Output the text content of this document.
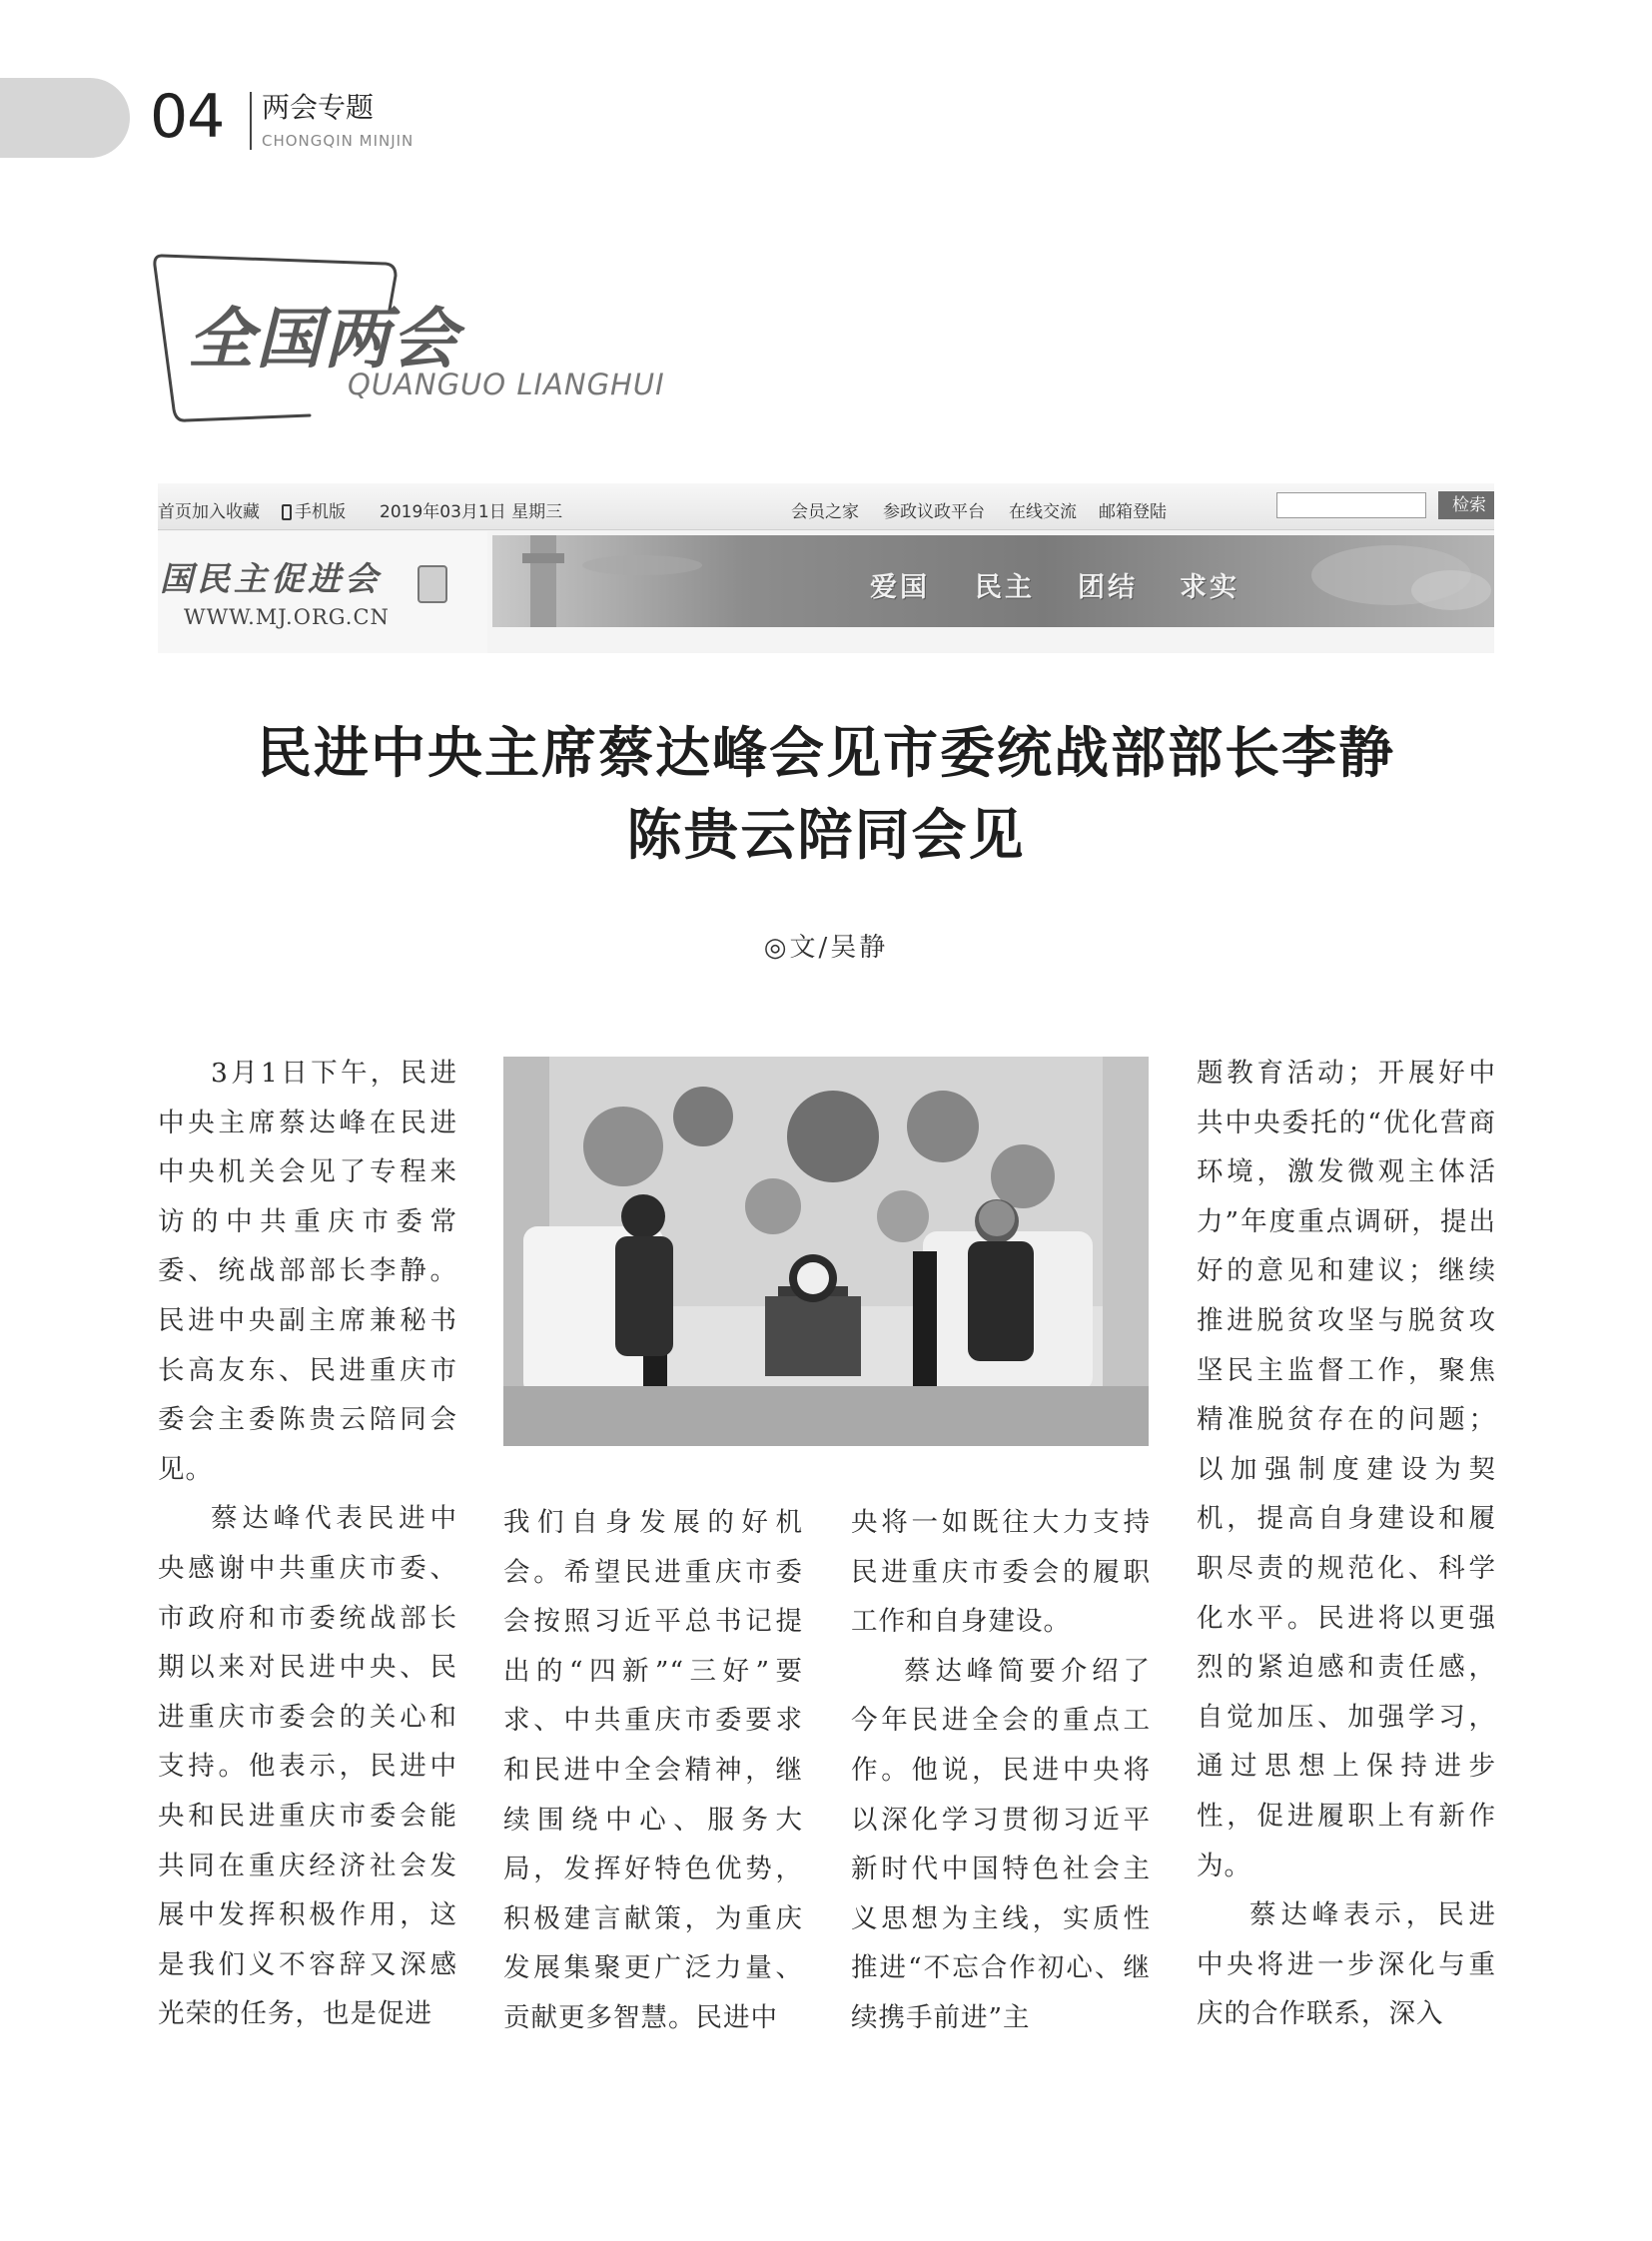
04 两会专题
CHONGQIN MINJIN
全国两会
QUANGUO LIANGHUI
首页 加入收藏	手机版 2019年03月1日 星期三	会员之家 参政议政平台 在线交流 邮箱登陆	检索
国民主促进会
WWW.MJ.ORG.CN
爱国 民主 团结 求实
民进中央主席蔡达峰会见市委统战部部长李静
陈贵云陪同会见
◎文/吴静

3月1日下午，民进中央主席蔡达峰在民进中央机关会见了专程来访的中共重庆市委常委、统战部部长李静。民进中央副主席兼秘书长高友东、民进重庆市委会主委陈贵云陪同会见。

蔡达峰代表民进中央感谢中共重庆市委、市政府和市委统战部长期以来对民进中央、民进重庆市委会的关心和支持。他表示，民进中央和民进重庆市委会能共同在重庆经济社会发展中发挥积极作用，这是我们义不容辞又深感光荣的任务，也是促进

我们自身发展的好机会。希望民进重庆市委会按照习近平总书记提出的“四新”“三好”要求、中共重庆市委要求和民进中全会精神，继续围绕中心、服务大局，发挥好特色优势，积极建言献策，为重庆发展集聚更广泛力量、贡献更多智慧。民进中

央将一如既往大力支持民进重庆市委会的履职工作和自身建设。

蔡达峰简要介绍了今年民进全会的重点工作。他说，民进中央将以深化学习贯彻习近平新时代中国特色社会主义思想为主线，实质性推进“不忘合作初心、继续携手前进”主

题教育活动；开展好中共中央委托的“优化营商环境，激发微观主体活力”年度重点调研，提出好的意见和建议；继续推进脱贫攻坚与脱贫攻坚民主监督工作，聚焦精准脱贫存在的问题；以加强制度建设为契机，提高自身建设和履职尽责的规范化、科学化水平。民进将以更强烈的紧迫感和责任感，自觉加压、加强学习，通过思想上保持进步性，促进履职上有新作为。

蔡达峰表示，民进中央将进一步深化与重庆的合作联系，深入
